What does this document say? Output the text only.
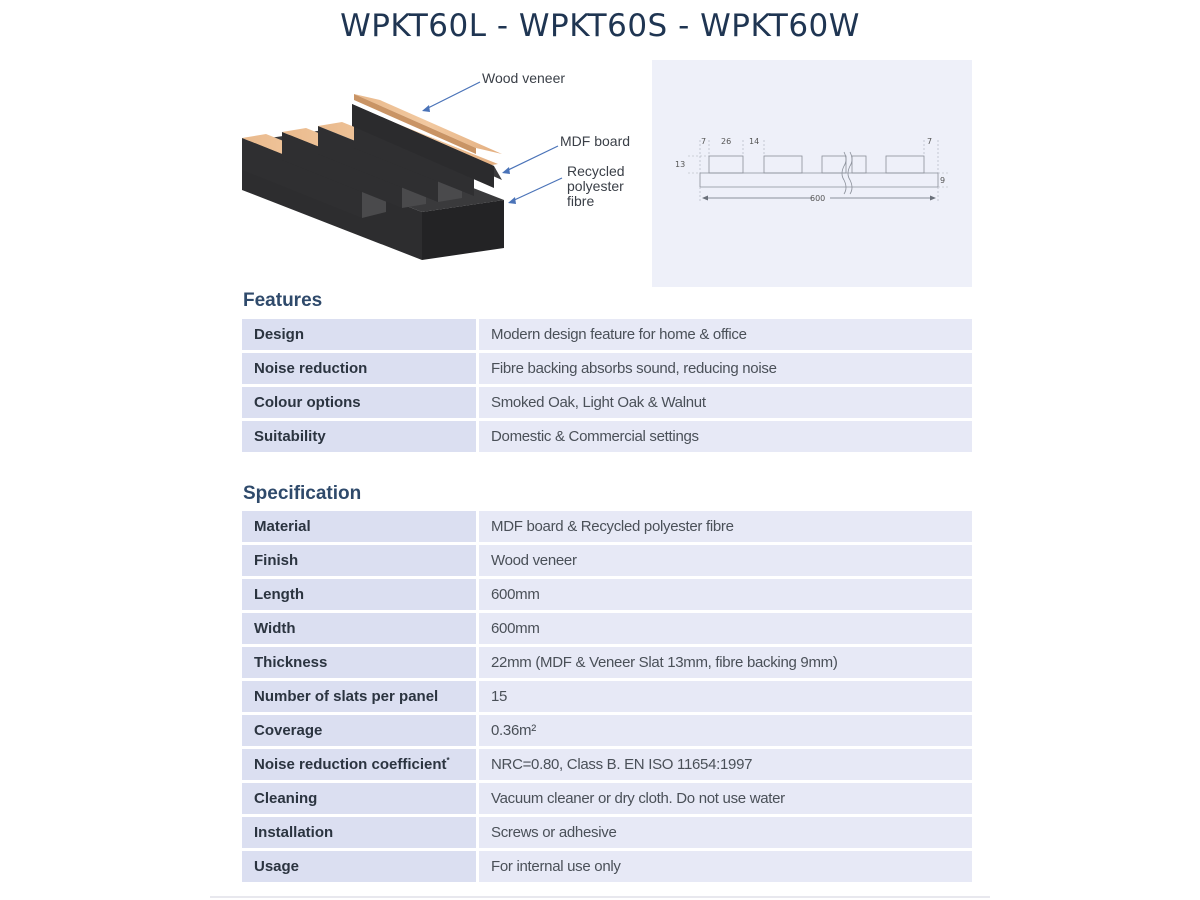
WPKT60L - WPKT60S - WPKT60W
Wood veneer
MDF board
Recycled
polyester
fibre
7 26 14	7
13
9
600
Features
Design	Modern design feature for home & office
Noise reduction	Fibre backing absorbs sound, reducing noise
Colour options	Smoked Oak, Light Oak & Walnut
Suitability	Domestic & Commercial settings
Specification
Material	MDF board & Recycled polyester fibre
Finish	Wood veneer
Length	600mm
Width	600mm
Thickness	22mm (MDF & Veneer Slat 13mm, fibre backing 9mm)
Number of slats per panel	15
Coverage	0.36m²
Noise reduction coefficient*	NRC=0.80, Class B. EN ISO 11654:1997
Cleaning	Vacuum cleaner or dry cloth. Do not use water
Installation	Screws or adhesive
Usage	For internal use only
